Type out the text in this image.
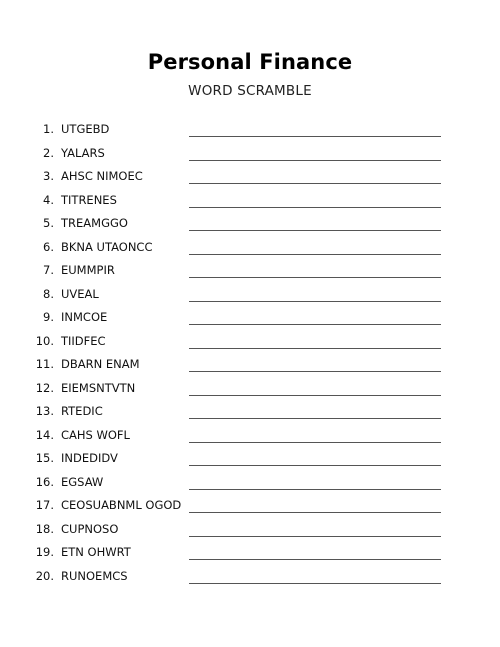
Personal Finance
WORD SCRAMBLE
1. UTGEBD
2. YALARS
3. AHSC NIMOEC
4. TITRENES
5. TREAMGGO
6. BKNA UTAONCC
7. EUMMPIR
8. UVEAL
9. INMCOE
10. TIIDFEC
11. DBARN ENAM
12. EIEMSNTVTN
13. RTEDIC
14. CAHS WOFL
15. INDEDIDV
16. EGSAW
17. CEOSUABNML OGOD
18. CUPNOSO
19. ETN OHWRT
20. RUNOEMCS
